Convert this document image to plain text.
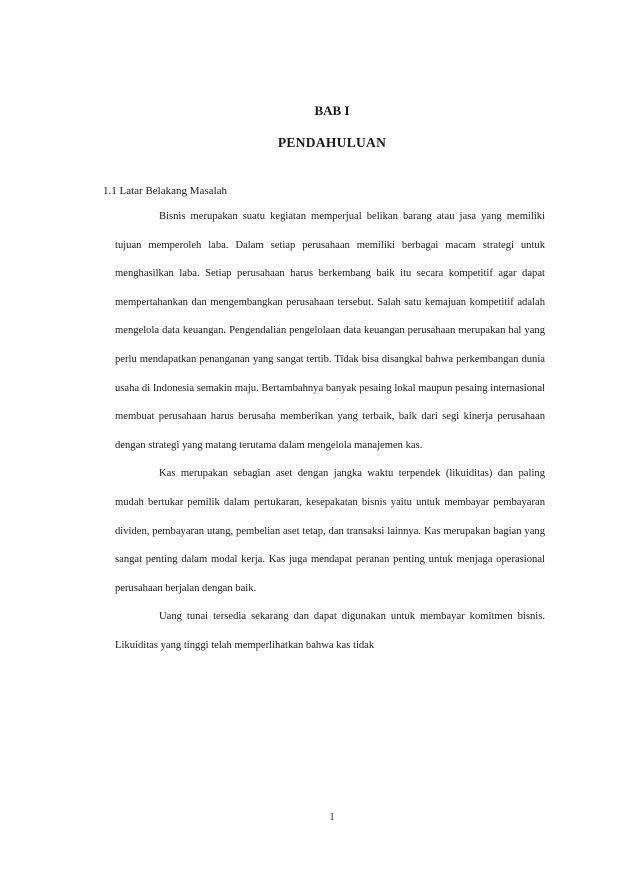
BAB I
PENDAHULUAN
1.1 Latar Belakang Masalah

Bisnis merupakan suatu kegiatan memperjual belikan barang atau jasa yang memiliki tujuan memperoleh laba. Dalam setiap perusahaan memiliki berbagai macam strategi untuk menghasilkan laba. Setiap perusahaan harus berkembang baik itu secara kompetitif agar dapat mempertahankan dan mengembangkan perusahaan tersebut. Salah satu kemajuan kompetitif adalah mengelola data keuangan. Pengendalian pengelolaan data keuangan perusahaan merupakan hal yang perlu mendapatkan penanganan yang sangat tertib. Tidak bisa disangkal bahwa perkembangan dunia usaha di Indonesia semakin maju. Bertambahnya banyak pesaing lokal maupun pesaing internasional membuat perusahaan harus berusaha memberikan yang terbaik, baik dari segi kinerja perusahaan dengan strategi yang matang terutama dalam mengelola manajemen kas.

Kas merupakan sebagian aset dengan jangka waktu terpendek (likuiditas) dan paling mudah bertukar pemilik dalam pertukaran, kesepakatan bisnis yaitu untuk membayar pembayaran dividen, pembayaran utang, pembelian aset tetap, dan transaksi lainnya. Kas merupakan bagian yang sangat penting dalam modal kerja. Kas juga mendapat peranan penting untuk menjaga operasional perusahaan berjalan dengan baik.

Uang tunai tersedia sekarang dan dapat digunakan untuk membayar komitmen bisnis. Likuiditas yang tinggi telah memperlihatkan bahwa kas tidak

1
